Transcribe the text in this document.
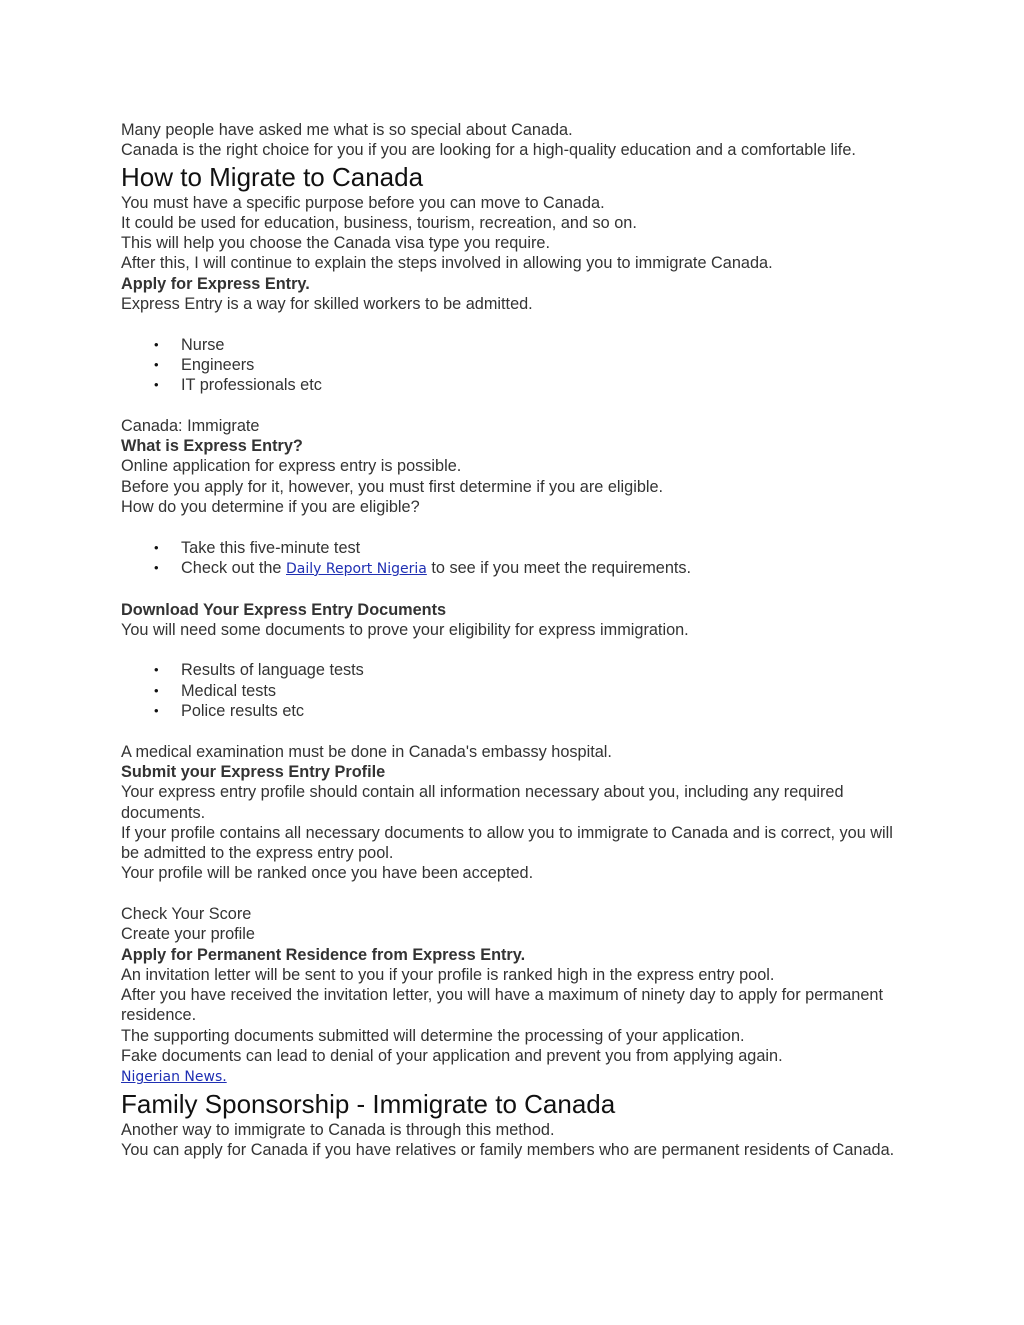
Many people have asked me what is so special about Canada.

Canada is the right choice for you if you are looking for a high-quality education and a comfortable life.

How to Migrate to Canada

You must have a specific purpose before you can move to Canada.

It could be used for education, business, tourism, recreation, and so on.

This will help you choose the Canada visa type you require.

After this, I will continue to explain the steps involved in allowing you to immigrate Canada.

Apply for Express Entry.

Express Entry is a way for skilled workers to be admitted.

• Nurse
• Engineers
• IT professionals etc

Canada: Immigrate

What is Express Entry?

Online application for express entry is possible.

Before you apply for it, however, you must first determine if you are eligible.

How do you determine if you are eligible?

• Take this five-minute test
• Check out the Daily Report Nigeria to see if you meet the requirements.

Download Your Express Entry Documents

You will need some documents to prove your eligibility for express immigration.

• Results of language tests
• Medical tests
• Police results etc

A medical examination must be done in Canada's embassy hospital.

Submit your Express Entry Profile

Your express entry profile should contain all information necessary about you, including any required documents.

If your profile contains all necessary documents to allow you to immigrate to Canada and is correct, you will be admitted to the express entry pool.

Your profile will be ranked once you have been accepted.

Check Your Score

Create your profile

Apply for Permanent Residence from Express Entry.

An invitation letter will be sent to you if your profile is ranked high in the express entry pool.

After you have received the invitation letter, you will have a maximum of ninety day to apply for permanent residence.

The supporting documents submitted will determine the processing of your application.

Fake documents can lead to denial of your application and prevent you from applying again.

Nigerian News.

Family Sponsorship - Immigrate to Canada

Another way to immigrate to Canada is through this method.

You can apply for Canada if you have relatives or family members who are permanent residents of Canada.
